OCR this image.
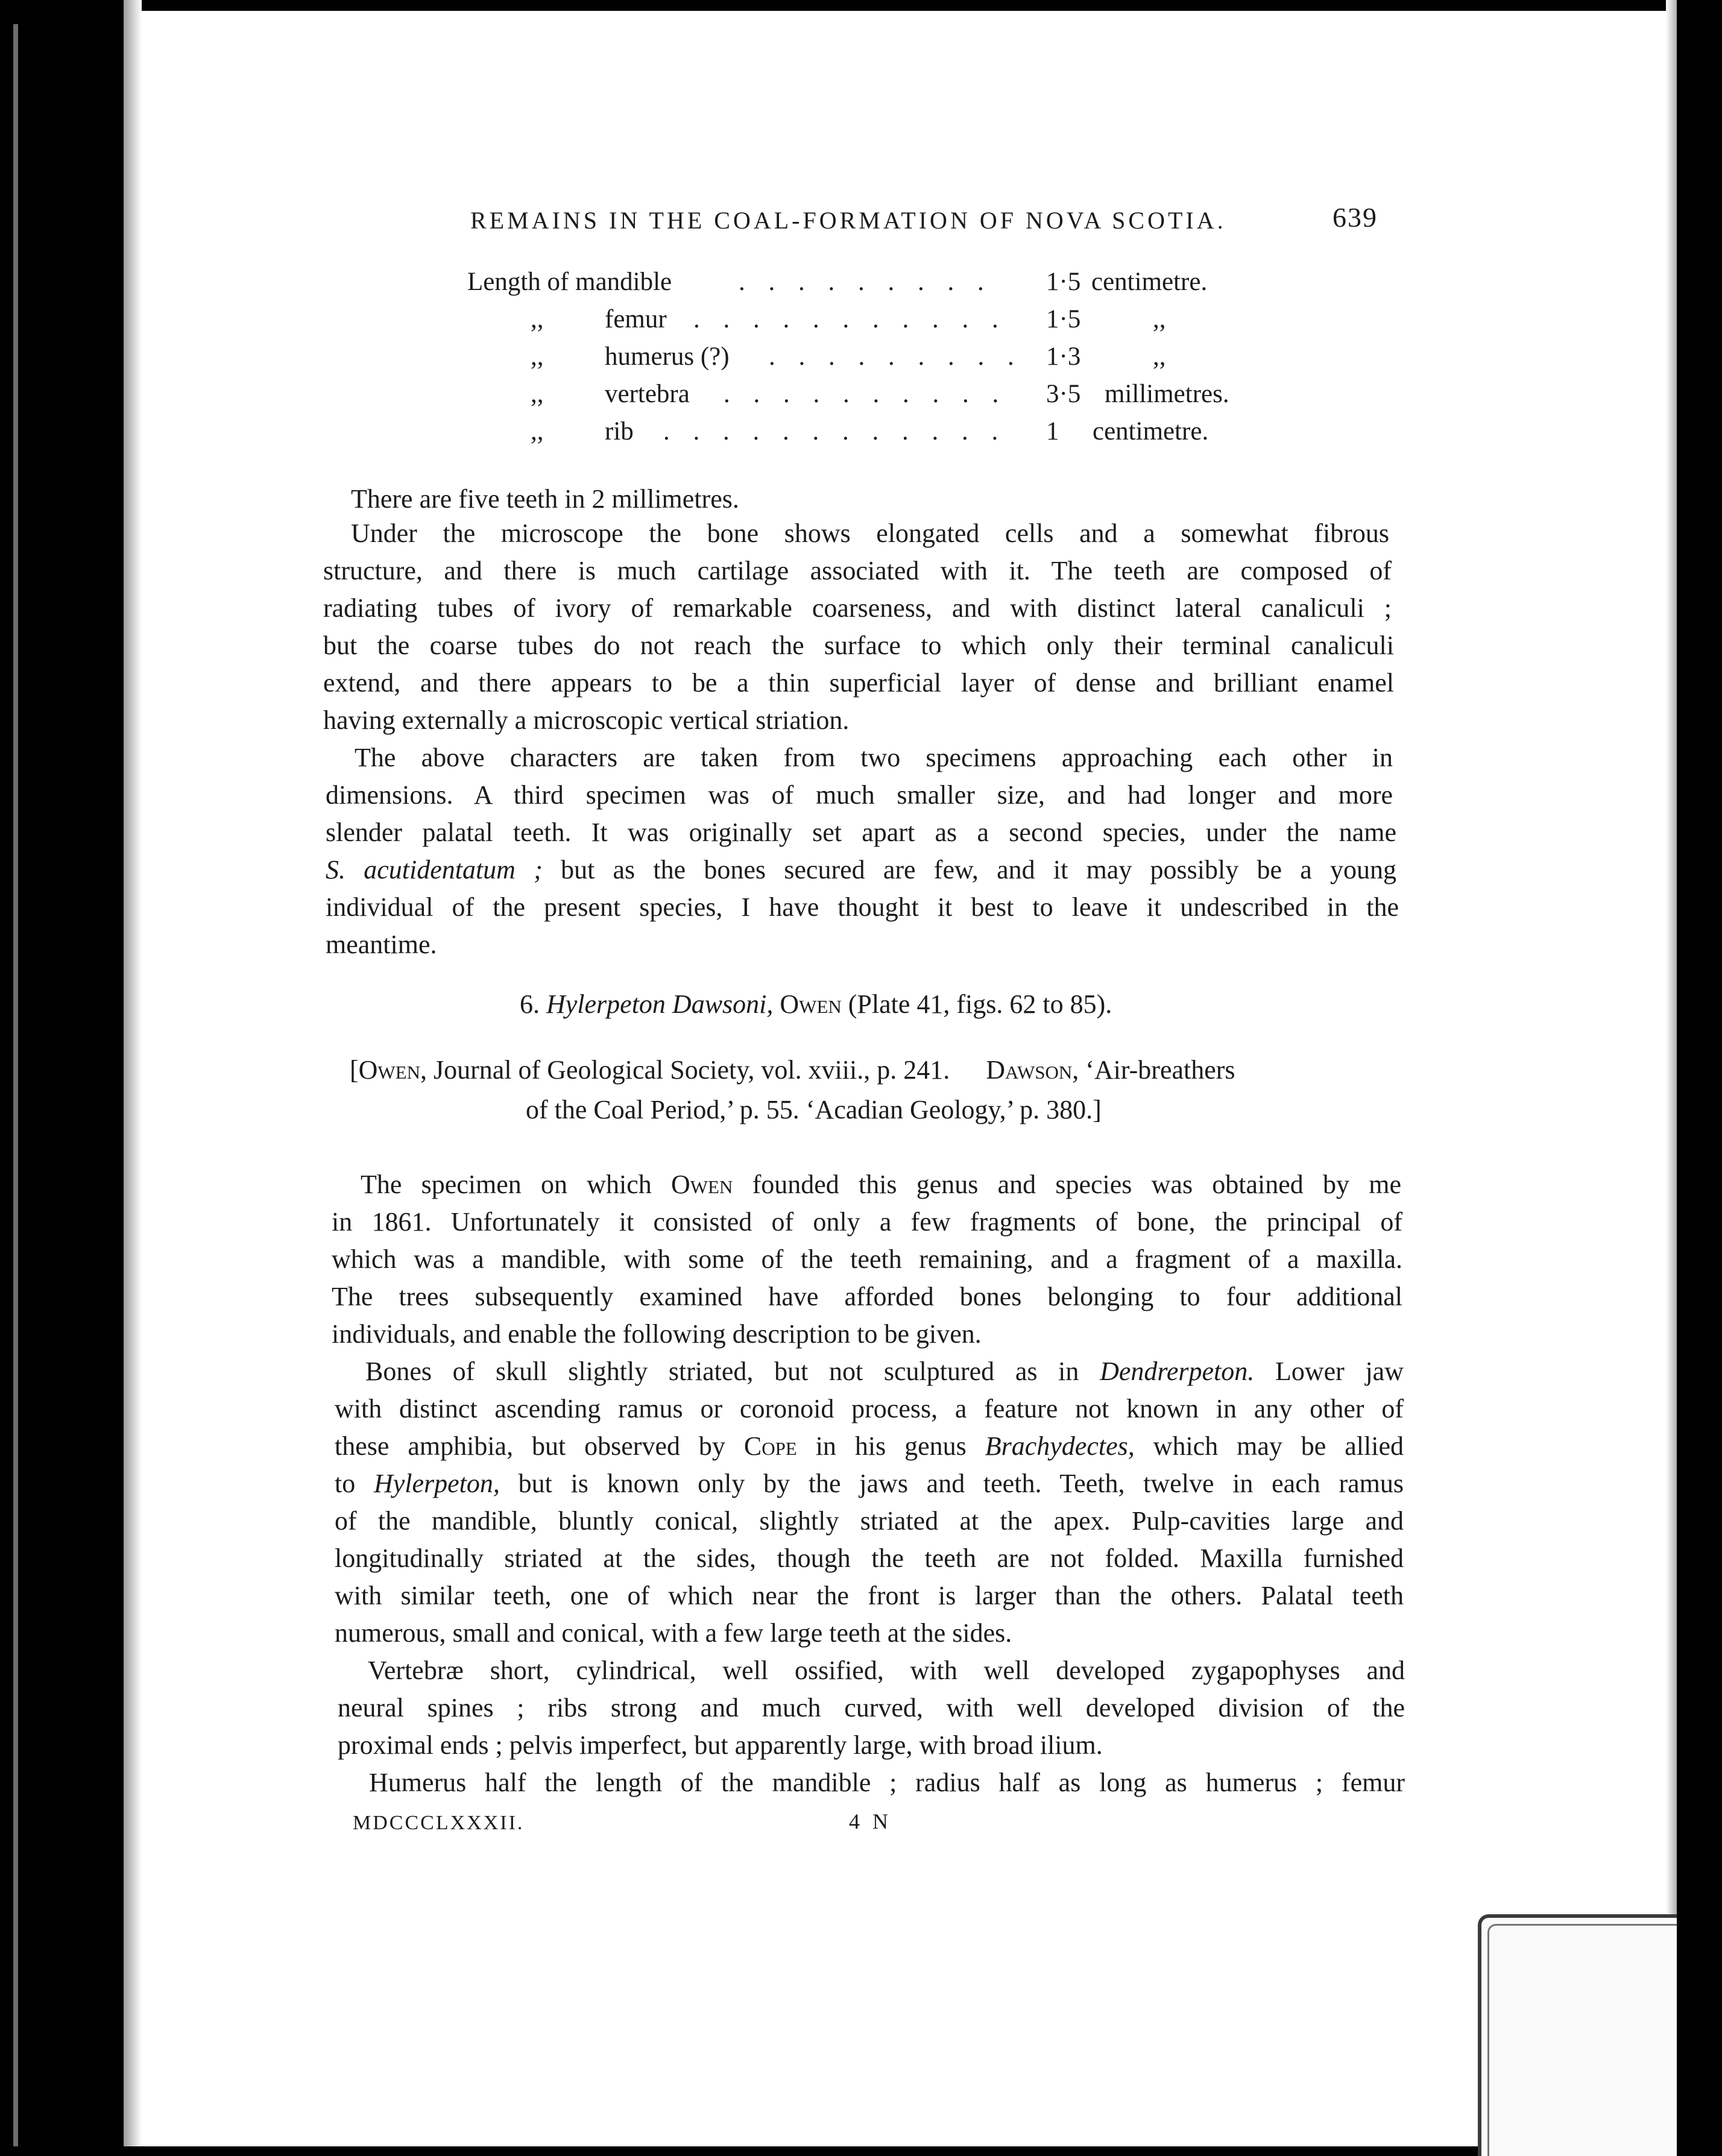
REMAINS IN THE COAL-FORMATION OF NOVA SCOTIA.	639
Length of mandible	. . . . . . . . . 1·5 centimetre.
,, femur . . . . . . . . . . . 1·5	,,
,, humerus (?) . . . . . . . . . 1·3	,,
,, vertebra . . . . . . . . . . 3·5 millimetres.
,, rib . . . . . . . . . . . . 1 centimetre.
There are five teeth in 2 millimetres.
Under the microscope the bone shows elongated cells and a somewhat fibrous
structure, and there is much cartilage associated with it. The teeth are composed of
radiating tubes of ivory of remarkable coarseness, and with distinct lateral canaliculi ;
but the coarse tubes do not reach the surface to which only their terminal canaliculi
extend, and there appears to be a thin superficial layer of dense and brilliant enamel
having externally a microscopic vertical striation.
The above characters are taken from two specimens approaching each other in
dimensions. A third specimen was of much smaller size, and had longer and more
slender palatal teeth. It was originally set apart as a second species, under the name
S. acutidentatum ; but as the bones secured are few, and it may possibly be a young
individual of the present species, I have thought it best to leave it undescribed in the
meantime.
6. Hylerpeton Dawsoni, Owen (Plate 41, figs. 62 to 85).
[Owen, Journal of Geological Society, vol. xviii., p. 241. Dawson, ‘Air-breathers
of the Coal Period,’ p. 55. ‘Acadian Geology,’ p. 380.]
The specimen on which Owen founded this genus and species was obtained by me
in 1861. Unfortunately it consisted of only a few fragments of bone, the principal of
which was a mandible, with some of the teeth remaining, and a fragment of a maxilla.
The trees subsequently examined have afforded bones belonging to four additional
individuals, and enable the following description to be given.
Bones of skull slightly striated, but not sculptured as in Dendrerpeton. Lower jaw
with distinct ascending ramus or coronoid process, a feature not known in any other of
these amphibia, but observed by Cope in his genus Brachydectes, which may be allied
to Hylerpeton, but is known only by the jaws and teeth. Teeth, twelve in each ramus
of the mandible, bluntly conical, slightly striated at the apex. Pulp-cavities large and
longitudinally striated at the sides, though the teeth are not folded. Maxilla furnished
with similar teeth, one of which near the front is larger than the others. Palatal teeth
numerous, small and conical, with a few large teeth at the sides.
Vertebræ short, cylindrical, well ossified, with well developed zygapophyses and
neural spines ; ribs strong and much curved, with well developed division of the
proximal ends ; pelvis imperfect, but apparently large, with broad ilium.
Humerus half the length of the mandible ; radius half as long as humerus ; femur
MDCCCLXXXII.	4 N
